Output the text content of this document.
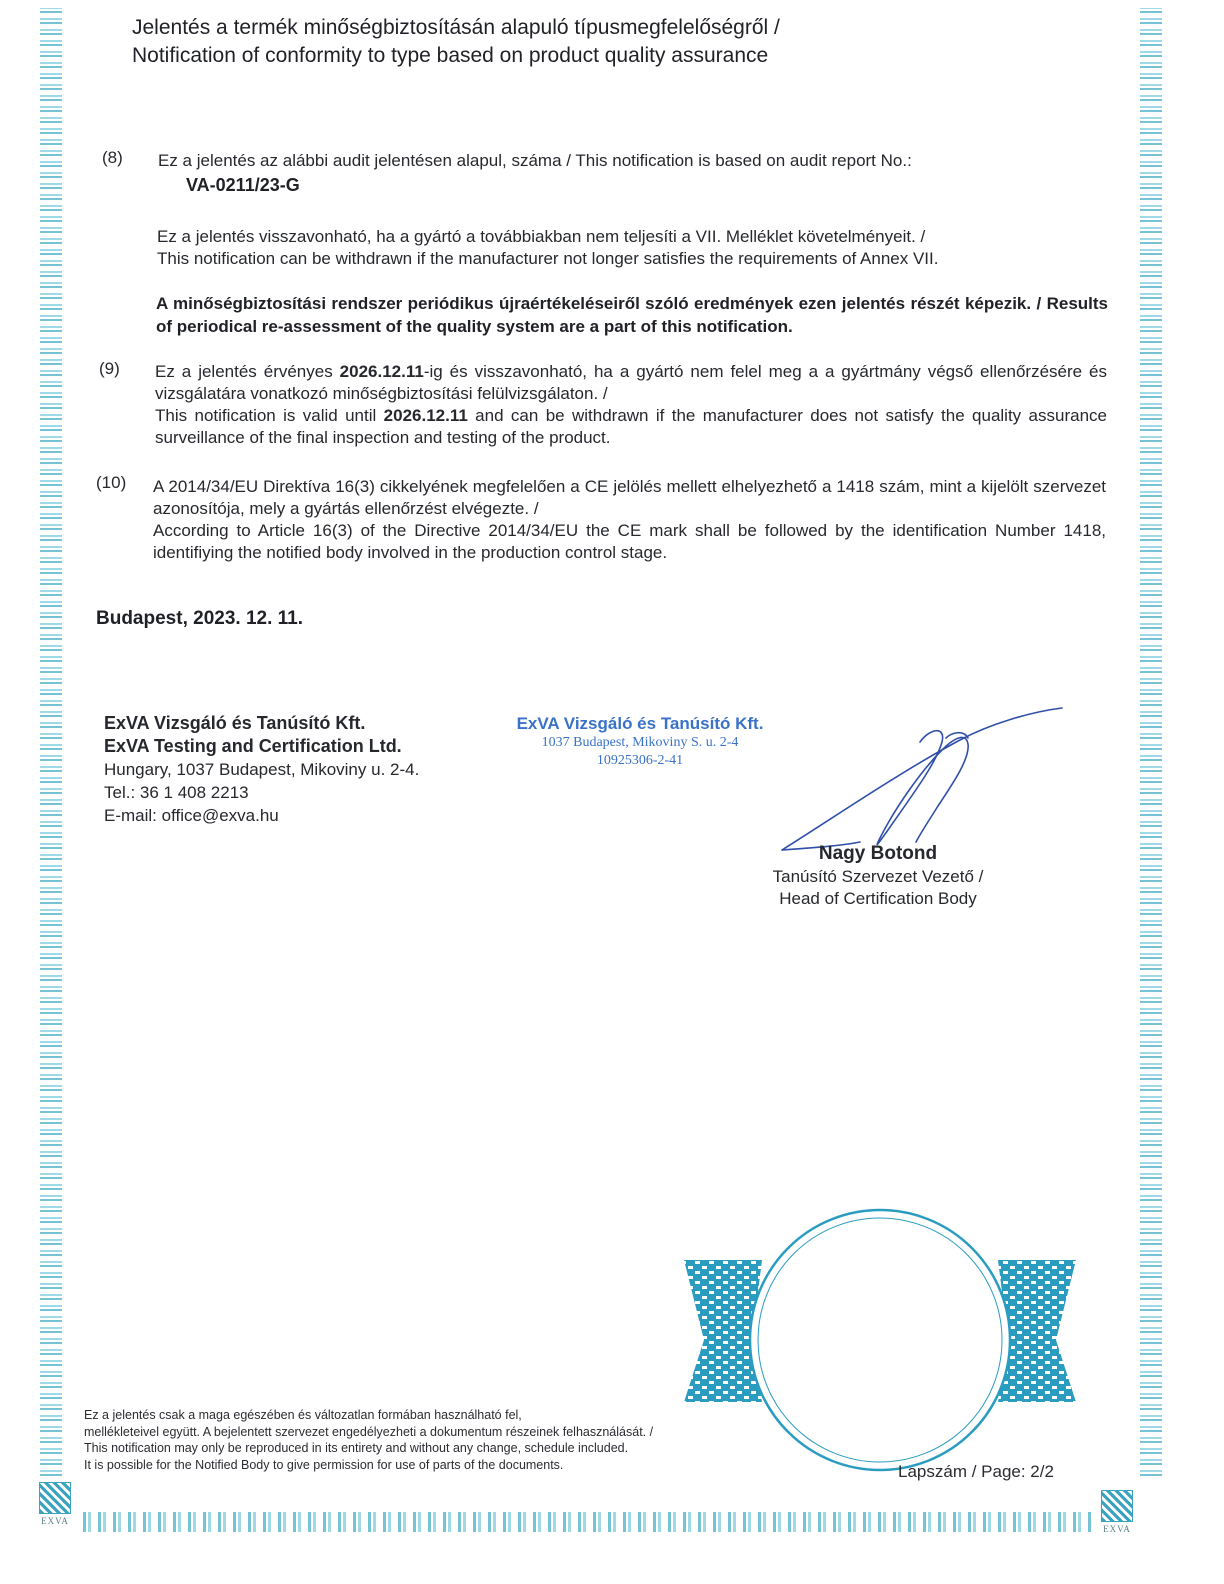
EXVA
EXVA
Jelentés a termék minőségbiztosításán alapuló típusmegfelelőségről /
Notification of conformity to type based on product quality assurance
(8) Ez a jelentés az alábbi audit jelentésen alapul, száma / This notification is based on audit report No.:
VA-0211/23-G
Ez a jelentés visszavonható, ha a gyártó a továbbiakban nem teljesíti a VII. Melléklet követelményeit. /
This notification can be withdrawn if the manufacturer not longer satisfies the requirements of Annex VII.
A minőségbiztosítási rendszer periódikus újraértékeléseiről szóló eredmények ezen jelentés részét képezik. / Results of periodical re-assessment of the quality system are a part of this notification.
(9) Ez a jelentés érvényes 2026.12.11-ig és visszavonható, ha a gyártó nem felel meg a a gyártmány végső ellenőrzésére és vizsgálatára vonatkozó minőségbiztosítási felülvizsgálaton. /
This notification is valid until 2026.12.11 and can be withdrawn if the manufacturer does not satisfy the quality assurance surveillance of the final inspection and testing of the product.
(10) A 2014/34/EU Direktíva 16(3) cikkelyének megfelelően a CE jelölés mellett elhelyezhető a 1418 szám, mint a kijelölt szervezet azonosítója, mely a gyártás ellenőrzést elvégezte. /
According to Article 16(3) of the Directive 2014/34/EU the CE mark shall be followed by the identification Number 1418, identifiying the notified body involved in the production control stage.
Budapest, 2023. 12. 11.
ExVA Vizsgáló és Tanúsító Kft.
ExVA Testing and Certification Ltd.
Hungary, 1037 Budapest, Mikoviny u. 2-4.
Tel.: 36 1 408 2213
E-mail: office@exva.hu
ExVA Vizsgáló és Tanúsító Kft.
1037 Budapest, Mikoviny S. u. 2-4
10925306-2-41
Nagy Botond
Tanúsító Szervezet Vezető /
Head of Certification Body
Ez a jelentés csak a maga egészében és változatlan formában használható fel,
mellékleteivel együtt. A bejelentett szervezet engedélyezheti a dokumentum részeinek felhasználását. /
This notification may only be reproduced in its entirety and without any change, schedule included.
It is possible for the Notified Body to give permission for use of parts of the documents.	Lapszám / Page: 2/2
